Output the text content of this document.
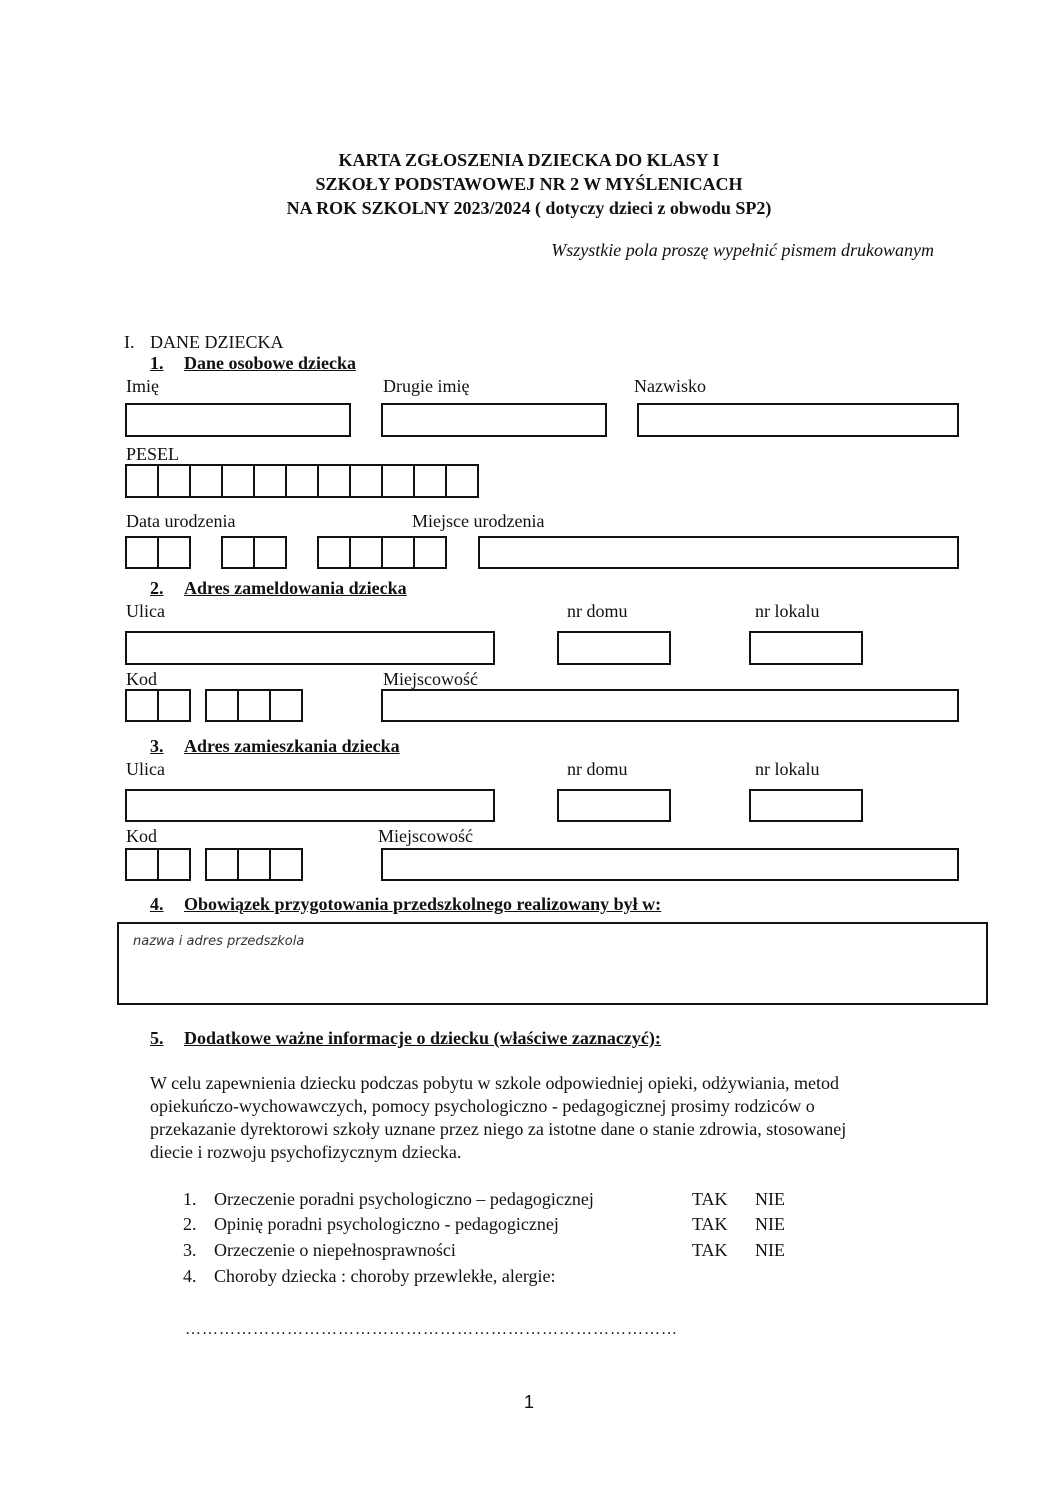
KARTA ZGŁOSZENIA DZIECKA DO KLASY I
SZKOŁY PODSTAWOWEJ NR 2 W MYŚLENICACH
NA ROK SZKOLNY 2023/2024 ( dotyczy dzieci z obwodu SP2)
Wszystkie pola proszę wypełnić pismem drukowanym
I. DANE DZIECKA
1. Dane osobowe dziecka
Imię	Drugie imię	Nazwisko
PESEL
Data urodzenia	Miejsce urodzenia
2. Adres zameldowania dziecka
Ulica	nr domu	nr lokalu
Kod	Miejscowość
3. Adres zamieszkania dziecka
Ulica	nr domu	nr lokalu
Kod	Miejscowość
4. Obowiązek przygotowania przedszkolnego realizowany był w:
nazwa i adres przedszkola
5. Dodatkowe ważne informacje o dziecku (właściwe zaznaczyć):
W celu zapewnienia dziecku podczas pobytu w szkole odpowiedniej opieki, odżywiania, metod
opiekuńczo-wychowawczych, pomocy psychologiczno - pedagogicznej prosimy rodziców o
przekazanie dyrektorowi szkoły uznane przez niego za istotne dane o stanie zdrowia, stosowanej
diecie i rozwoju psychofizycznym dziecka.
1. Orzeczenie poradni psychologiczno – pedagogicznej	TAK NIE
2. Opinię poradni psychologiczno - pedagogicznej	TAK NIE
3. Orzeczenie o niepełnosprawności	TAK NIE
4. Choroby dziecka : choroby przewlekłe, alergie:
……………………………………………………………………………
1
